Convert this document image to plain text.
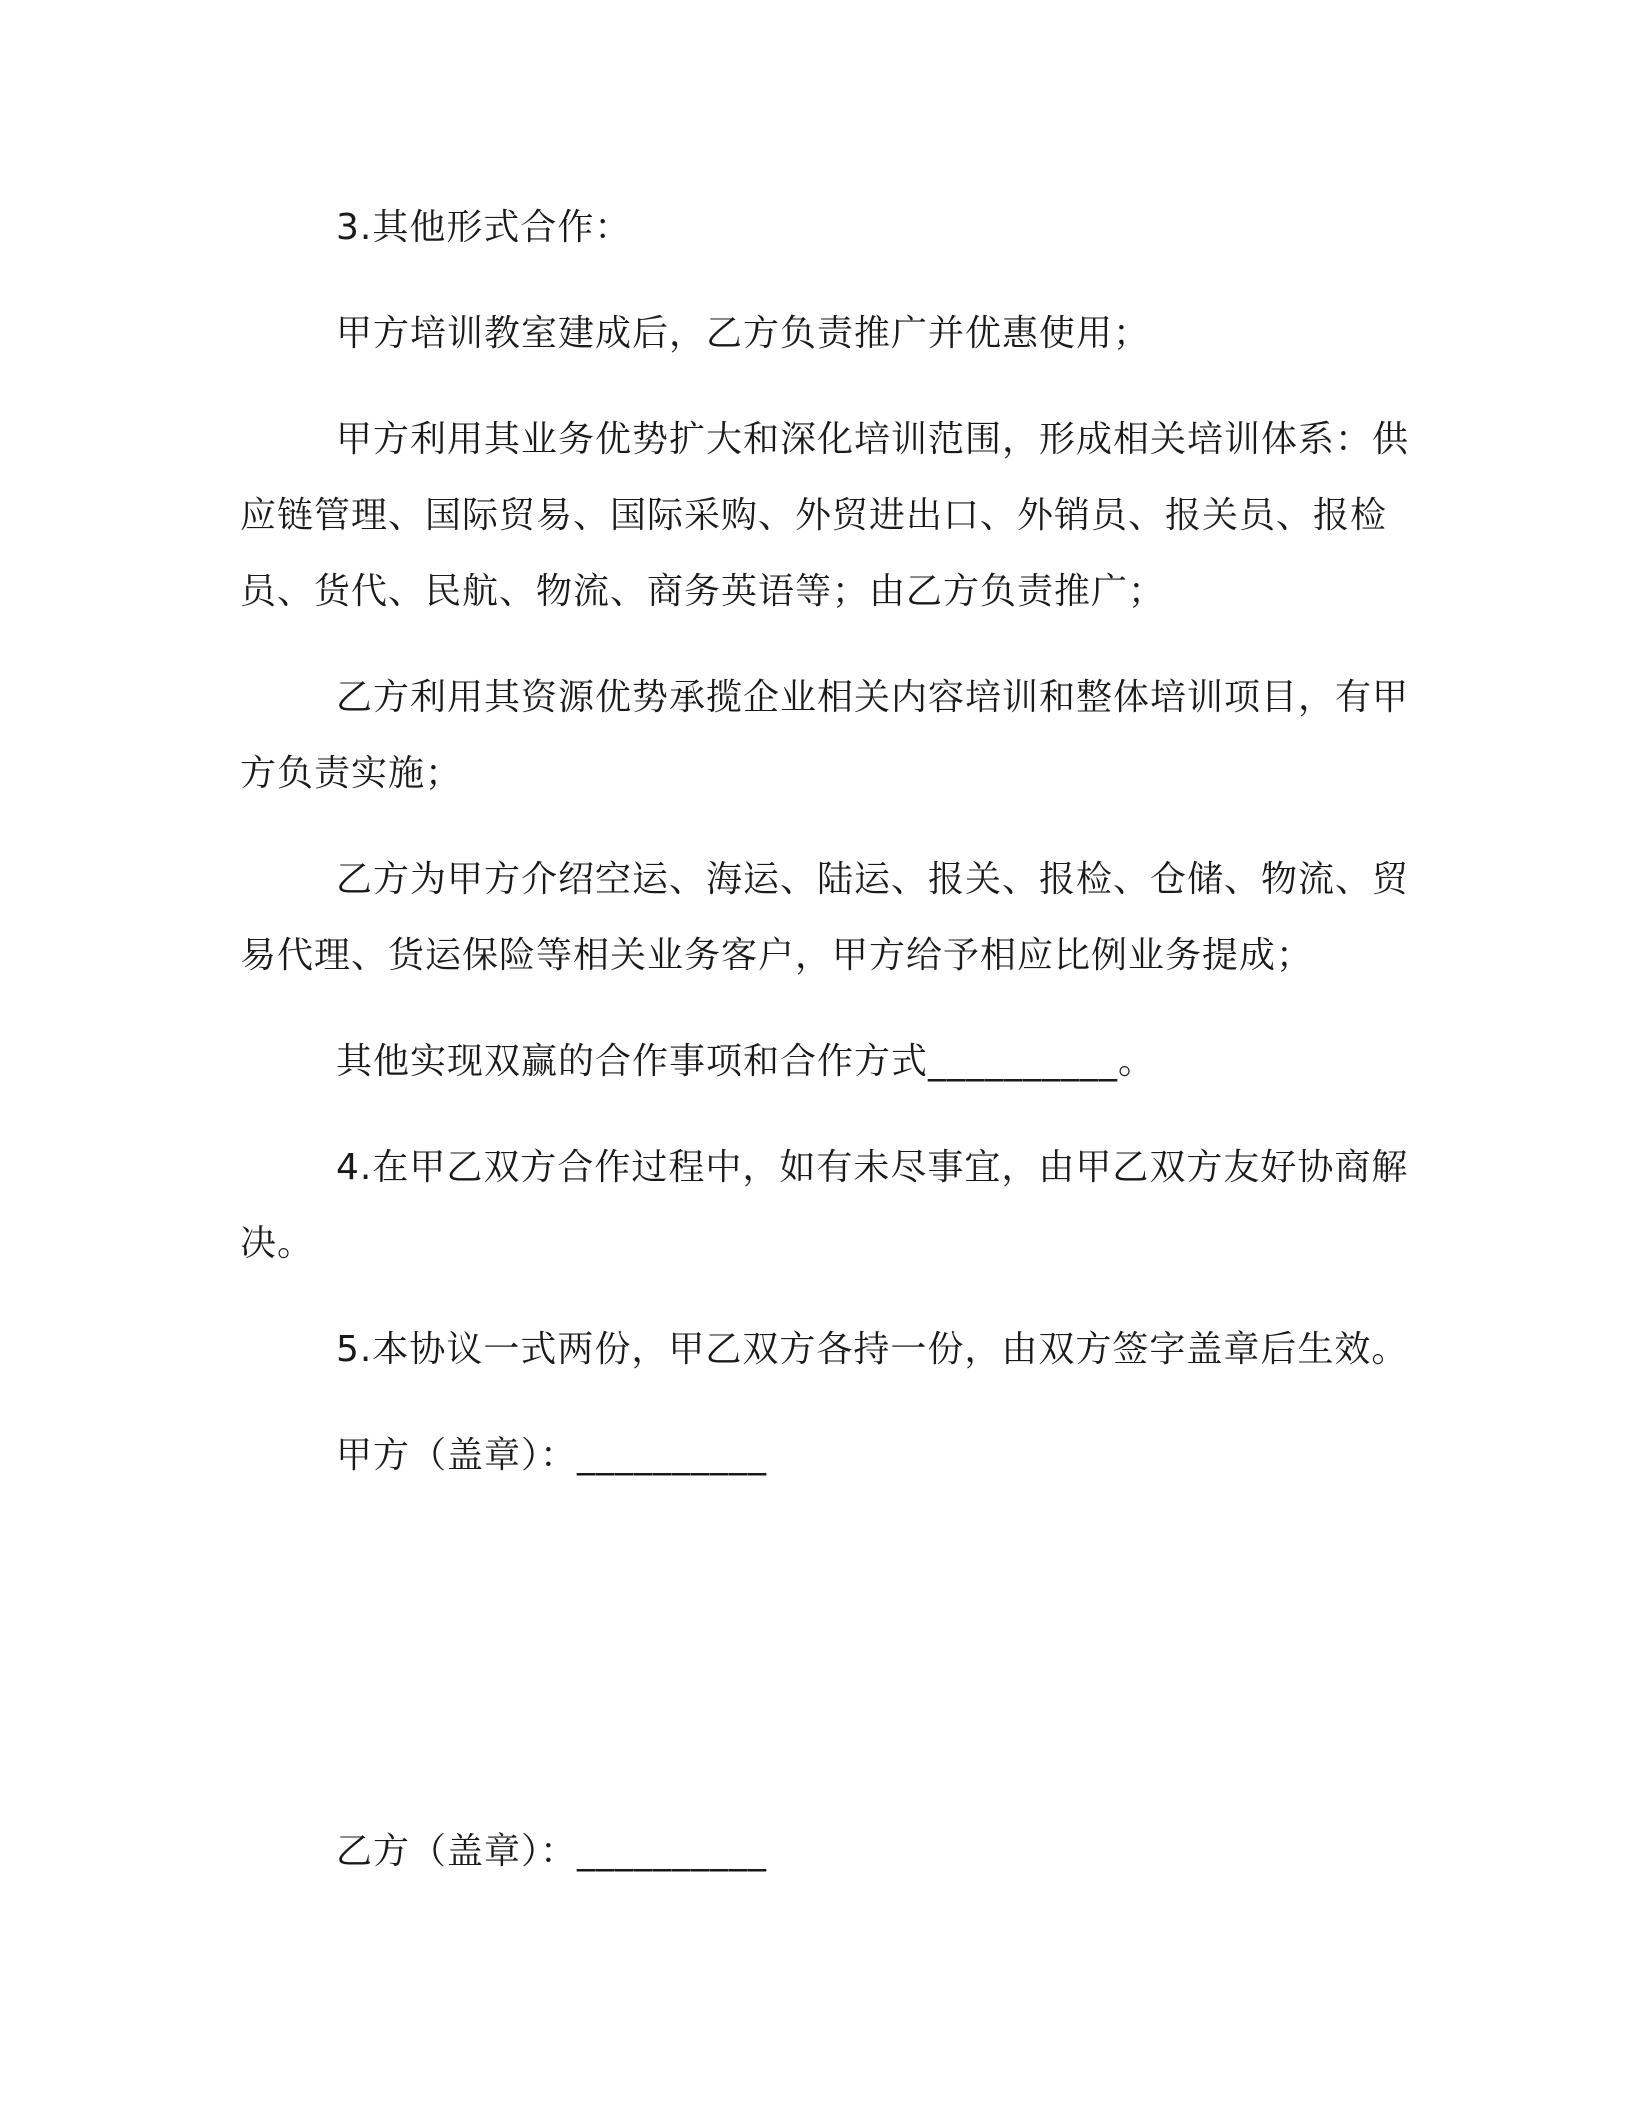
3.其他形式合作：

甲方培训教室建成后，乙方负责推广并优惠使用；

甲方利用其业务优势扩大和深化培训范围，形成相关培训体系：供应链管理、国际贸易、国际采购、外贸进出口、外销员、报关员、报检员、货代、民航、物流、商务英语等；由乙方负责推广；

乙方利用其资源优势承揽企业相关内容培训和整体培训项目，有甲方负责实施；

乙方为甲方介绍空运、海运、陆运、报关、报检、仓储、物流、贸易代理、货运保险等相关业务客户，甲方给予相应比例业务提成；

其他实现双赢的合作事项和合作方式__________。

4.在甲乙双方合作过程中，如有未尽事宜，由甲乙双方友好协商解决。

5.本协议一式两份，甲乙双方各持一份，由双方签字盖章后生效。

甲方（盖章）：__________

乙方（盖章）：__________
